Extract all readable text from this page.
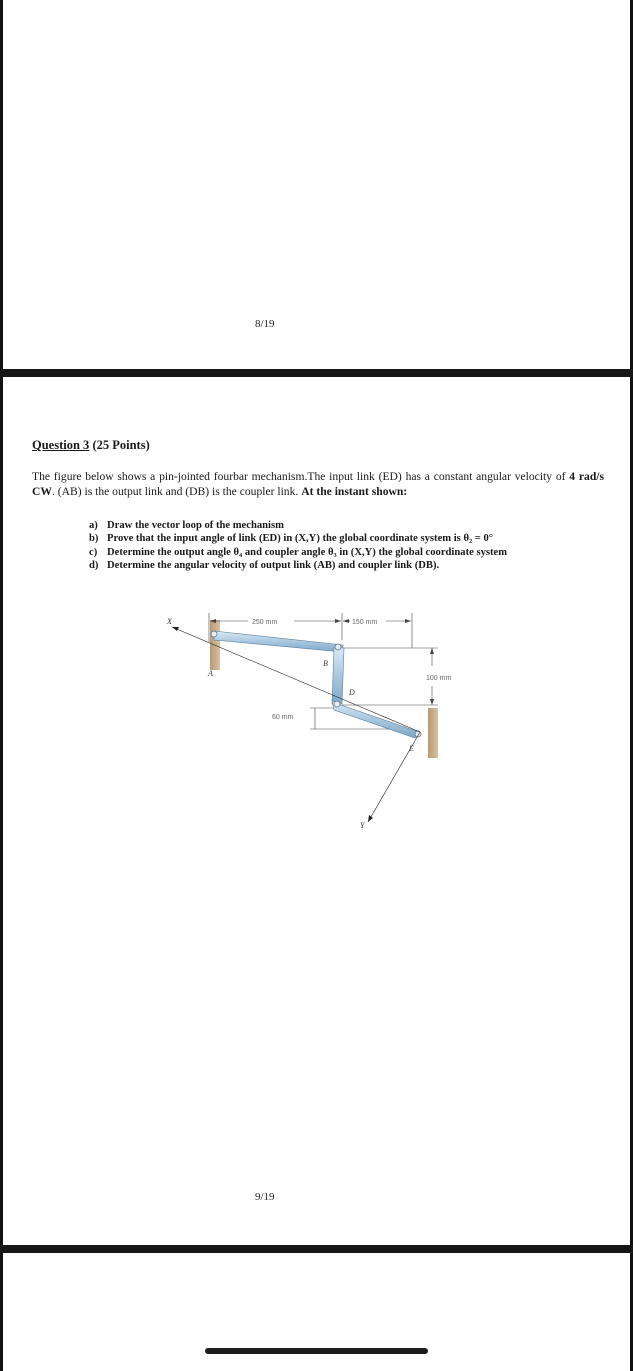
8/19
Question 3 (25 Points)
The figure below shows a pin-jointed fourbar mechanism.The input link (ED) has a constant angular velocity of 4 rad/s CW. (AB) is the output link and (DB) is the coupler link. At the instant shown:
a) Draw the vector loop of the mechanism
b) Prove that the input angle of link (ED) in (X,Y) the global coordinate system is θ₂ = 0°
c) Determine the output angle θ₄ and coupler angle θ₃ in (X,Y) the global coordinate system
d) Determine the angular velocity of output link (AB) and coupler link (DB).
250 mm	150 mm
100 mm
60 mm
X
Y
A
B
D
E
9/19
